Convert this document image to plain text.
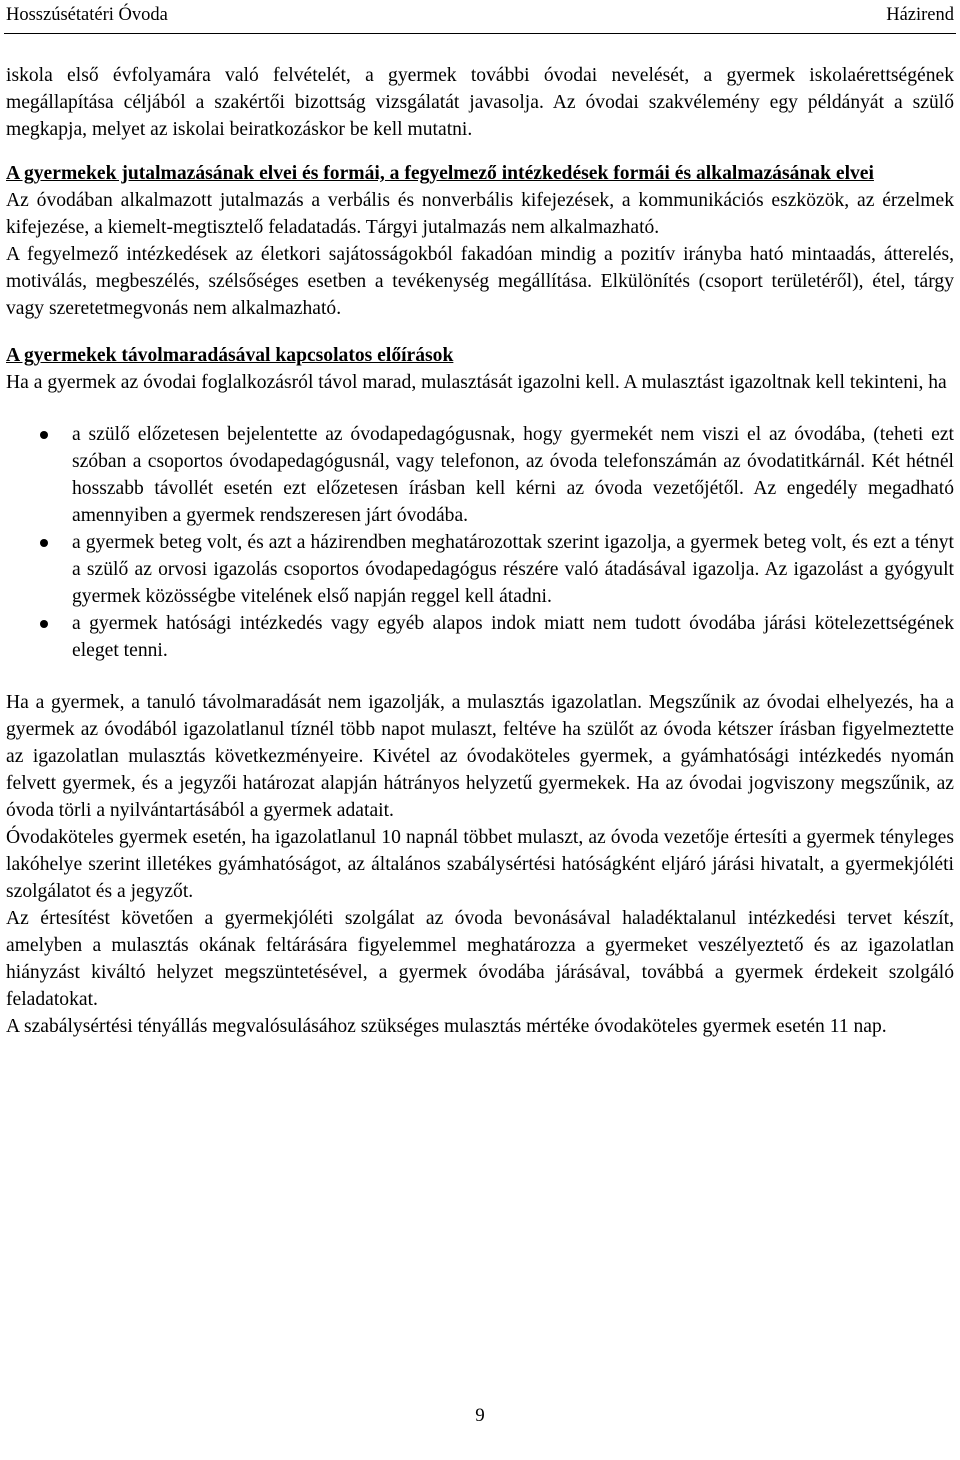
Hosszúsétatéri Óvoda	Házirend

iskola első évfolyamára való felvételét, a gyermek további óvodai nevelését, a gyermek iskolaérettségének megállapítása céljából a szakértői bizottság vizsgálatát javasolja. Az óvodai szakvélemény egy példányát a szülő megkapja, melyet az iskolai beiratkozáskor be kell mutatni.

A gyermekek jutalmazásának elvei és formái, a fegyelmező intézkedések formái és alkalmazásának elvei

Az óvodában alkalmazott jutalmazás a verbális és nonverbális kifejezések, a kommunikációs eszközök, az érzelmek kifejezése, a kiemelt-megtisztelő feladatadás. Tárgyi jutalmazás nem alkalmazható.

A fegyelmező intézkedések az életkori sajátosságokból fakadóan mindig a pozitív irányba ható mintaadás, átterelés, motiválás, megbeszélés, szélsőséges esetben a tevékenység megállítása. Elkülönítés (csoport területéről), étel, tárgy vagy szeretetmegvonás nem alkalmazható.

A gyermekek távolmaradásával kapcsolatos előírások

Ha a gyermek az óvodai foglalkozásról távol marad, mulasztását igazolni kell. A mulasztást igazoltnak kell tekinteni, ha

a szülő előzetesen bejelentette az óvodapedagógusnak, hogy gyermekét nem viszi el az óvodába, (teheti ezt szóban a csoportos óvodapedagógusnál, vagy telefonon, az óvoda telefonszámán az óvodatitkárnál. Két hétnél hosszabb távollét esetén ezt előzetesen írásban kell kérni az óvoda vezetőjétől. Az engedély megadható amennyiben a gyermek rendszeresen járt óvodába.
a gyermek beteg volt, és azt a házirendben meghatározottak szerint igazolja, a gyermek beteg volt, és ezt a tényt a szülő az orvosi igazolás csoportos óvodapedagógus részére való átadásával igazolja. Az igazolást a gyógyult gyermek közösségbe vitelének első napján reggel kell átadni.
a gyermek hatósági intézkedés vagy egyéb alapos indok miatt nem tudott óvodába járási kötelezettségének eleget tenni.

Ha a gyermek, a tanuló távolmaradását nem igazolják, a mulasztás igazolatlan. Megszűnik az óvodai elhelyezés, ha a gyermek az óvodából igazolatlanul tíznél több napot mulaszt, feltéve ha szülőt az óvoda kétszer írásban figyelmeztette az igazolatlan mulasztás következményeire. Kivétel az óvodaköteles gyermek, a gyámhatósági intézkedés nyomán felvett gyermek, és a jegyzői határozat alapján hátrányos helyzetű gyermekek. Ha az óvodai jogviszony megszűnik, az óvoda törli a nyilvántartásából a gyermek adatait.

Óvodaköteles gyermek esetén, ha igazolatlanul 10 napnál többet mulaszt, az óvoda vezetője értesíti a gyermek tényleges lakóhelye szerint illetékes gyámhatóságot, az általános szabálysértési hatóságként eljáró járási hivatalt, a gyermekjóléti szolgálatot és a jegyzőt.

Az értesítést követően a gyermekjóléti szolgálat az óvoda bevonásával haladéktalanul intézkedési tervet készít, amelyben a mulasztás okának feltárására figyelemmel meghatározza a gyermeket veszélyeztető és az igazolatlan hiányzást kiváltó helyzet megszüntetésével, a gyermek óvodába járásával, továbbá a gyermek érdekeit szolgáló feladatokat.

A szabálysértési tényállás megvalósulásához szükséges mulasztás mértéke óvodaköteles gyermek esetén 11 nap.

9
